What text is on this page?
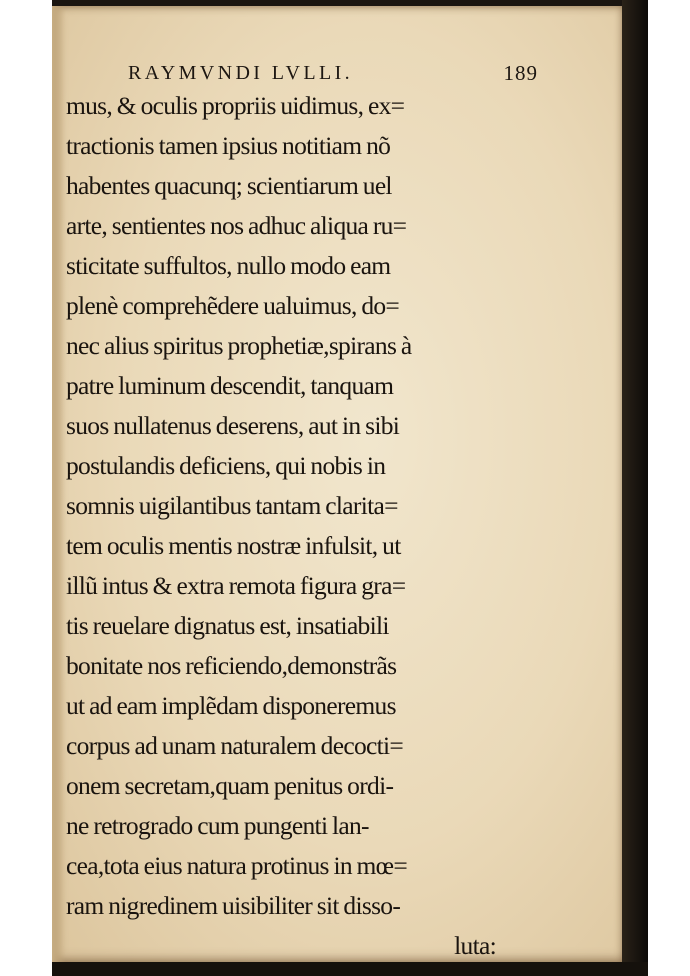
RAYMVNDI LVLLI.	189
mus, & oculis propriis uidimus, ex=
tractionis tamen ipsius notitiam nõ
habentes quacunq; scientiarum uel
arte, sentientes nos adhuc aliqua ru=
sticitate suffultos, nullo modo eam
plenè comprehẽdere ualuimus, do=
nec alius spiritus prophetiæ,spirans à
patre luminum descendit, tanquam
suos nullatenus deserens, aut in sibi
postulandis deficiens, qui nobis in
somnis uigilantibus tantam clarita=
tem oculis mentis nostræ infulsit, ut
illũ intus & extra remota figura gra=
tis reuelare dignatus est, insatiabili
bonitate nos reficiendo,demonstrãs
ut ad eam implẽdam disponeremus
corpus ad unam naturalem decocti=
onem secretam,quam penitus ordi-
ne retrogrado cum pungenti lan-
cea,tota eius natura protinus in mœ=
ram nigredinem uisibiliter sit disso-
luta:
